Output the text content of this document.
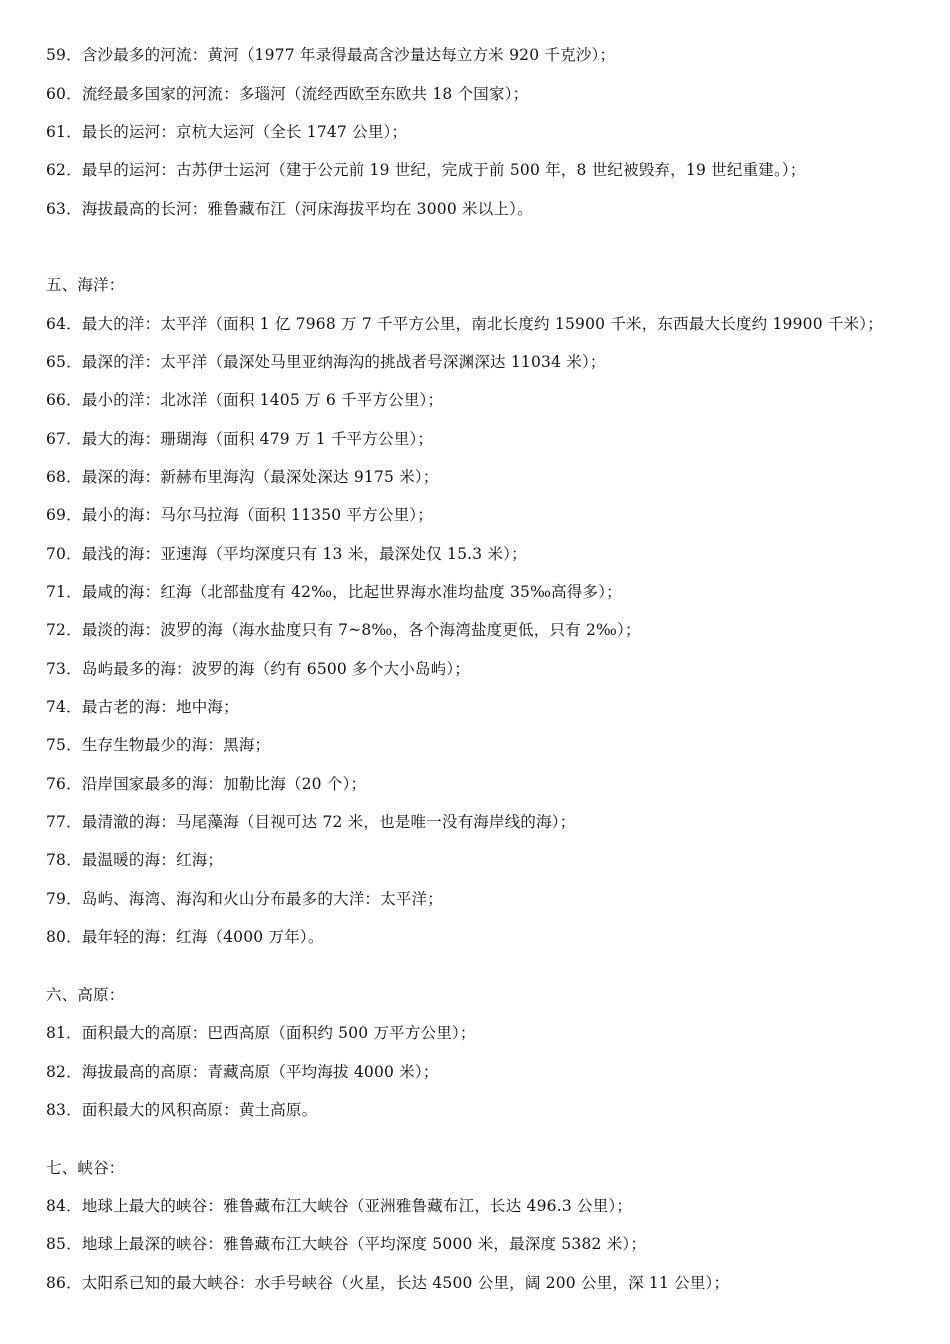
59．含沙最多的河流：黄河（1977 年录得最高含沙量达每立方米 920 千克沙）；
60．流经最多国家的河流：多瑙河（流经西欧至东欧共 18 个国家）；
61．最长的运河：京杭大运河（全长 1747 公里）；
62．最早的运河：古苏伊士运河（建于公元前 19 世纪，完成于前 500 年，8 世纪被毁弃，19 世纪重建。）；
63．海拔最高的长河：雅鲁藏布江（河床海拔平均在 3000 米以上）。
五、海洋：
64．最大的洋：太平洋（面积 1 亿 7968 万 7 千平方公里，南北长度约 15900 千米，东西最大长度约 19900 千米）；
65．最深的洋：太平洋（最深处马里亚纳海沟的挑战者号深渊深达 11034 米）；
66．最小的洋：北冰洋（面积 1405 万 6 千平方公里）；
67．最大的海：珊瑚海（面积 479 万 1 千平方公里）；
68．最深的海：新赫布里海沟（最深处深达 9175 米）；
69．最小的海：马尔马拉海（面积 11350 平方公里）；
70．最浅的海：亚速海（平均深度只有 13 米，最深处仅 15.3 米）；
71．最咸的海：红海（北部盐度有 42‰，比起世界海水准均盐度 35‰高得多）；
72．最淡的海：波罗的海（海水盐度只有 7~8‰，各个海湾盐度更低，只有 2‰）；
73．岛屿最多的海：波罗的海（约有 6500 多个大小岛屿）；
74．最古老的海：地中海；
75．生存生物最少的海：黑海；
76．沿岸国家最多的海：加勒比海（20 个）；
77．最清澈的海：马尾藻海（目视可达 72 米，也是唯一没有海岸线的海）；
78．最温暖的海：红海；
79．岛屿、海湾、海沟和火山分布最多的大洋：太平洋；
80．最年轻的海：红海（4000 万年）。
六、高原：
81．面积最大的高原：巴西高原（面积约 500 万平方公里）；
82．海拔最高的高原：青藏高原（平均海拔 4000 米）；
83．面积最大的风积高原：黄土高原。
七、峡谷：
84．地球上最大的峡谷：雅鲁藏布江大峡谷（亚洲雅鲁藏布江，长达 496.3 公里）；
85．地球上最深的峡谷：雅鲁藏布江大峡谷（平均深度 5000 米，最深度 5382 米）；
86．太阳系已知的最大峡谷：水手号峡谷（火星，长达 4500 公里，阔 200 公里，深 11 公里）；
